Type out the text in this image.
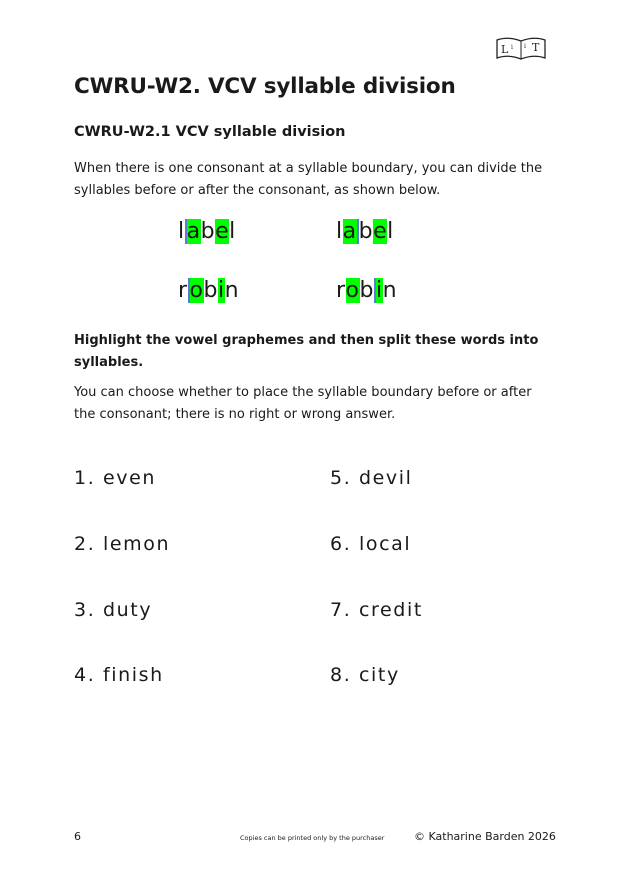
L i i T
CWRU-W2. VCV syllable division
CWRU-W2.1 VCV syllable division

When there is one consonant at a syllable boundary, you can divide the syllables before or after the consonant, as shown below.

label	label
robin	robin

Highlight the vowel graphemes and then split these words into syllables.

You can choose whether to place the syllable boundary before or after the consonant; there is no right or wrong answer.

1. even
2. lemon
3. duty
4. finish
5. devil
6. local
7. credit
8. city
6	Copies can be printed only by the purchaser	© Katharine Barden 2026
